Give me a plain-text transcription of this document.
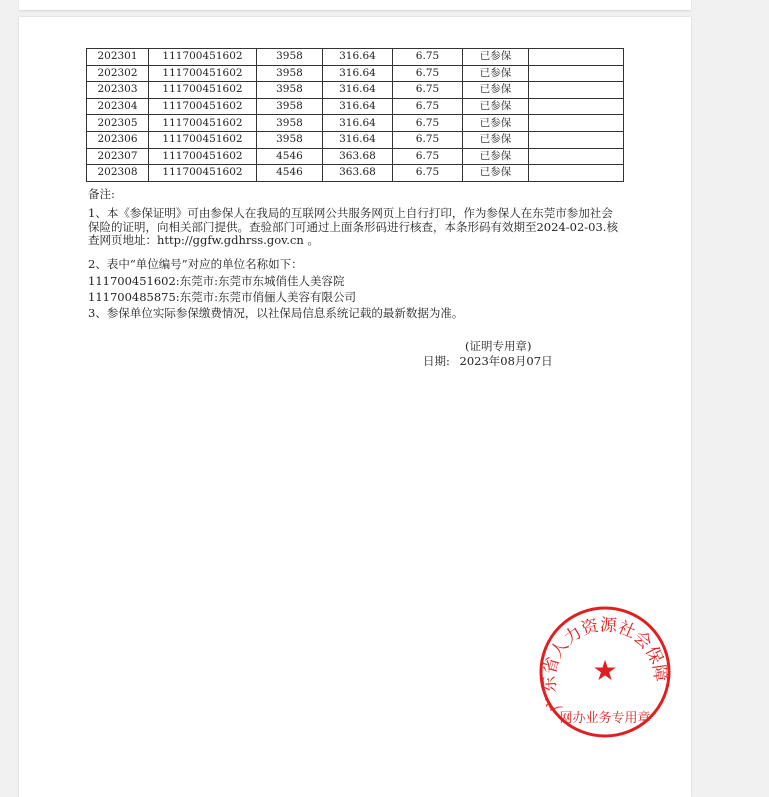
202301	111700451602	3958	316.64	6.75	已参保	
202302	111700451602	3958	316.64	6.75	已参保	
202303	111700451602	3958	316.64	6.75	已参保	
202304	111700451602	3958	316.64	6.75	已参保	
202305	111700451602	3958	316.64	6.75	已参保	
202306	111700451602	3958	316.64	6.75	已参保	
202307	111700451602	4546	363.68	6.75	已参保	
202308	111700451602	4546	363.68	6.75	已参保	
备注:
1、本《参保证明》可由参保人在我局的互联网公共服务网页上自行打印，作为参保人在东莞市参加社会保险的证明，向相关部门提供。查验部门可通过上面条形码进行核查，本条形码有效期至2024-02-03.核查网页地址：http://ggfw.gdhrss.gov.cn 。
2、表中“单位编号”对应的单位名称如下：
111700451602:东莞市:东莞市东城俏佳人美容院
111700485875:东莞市:东莞市俏俪人美容有限公司
3、参保单位实际参保缴费情况，以社保局信息系统记载的最新数据为准。
(证明专用章)
日期: 2023年08月07日
广东省人力资源社会保障
★
网办业务专用章
